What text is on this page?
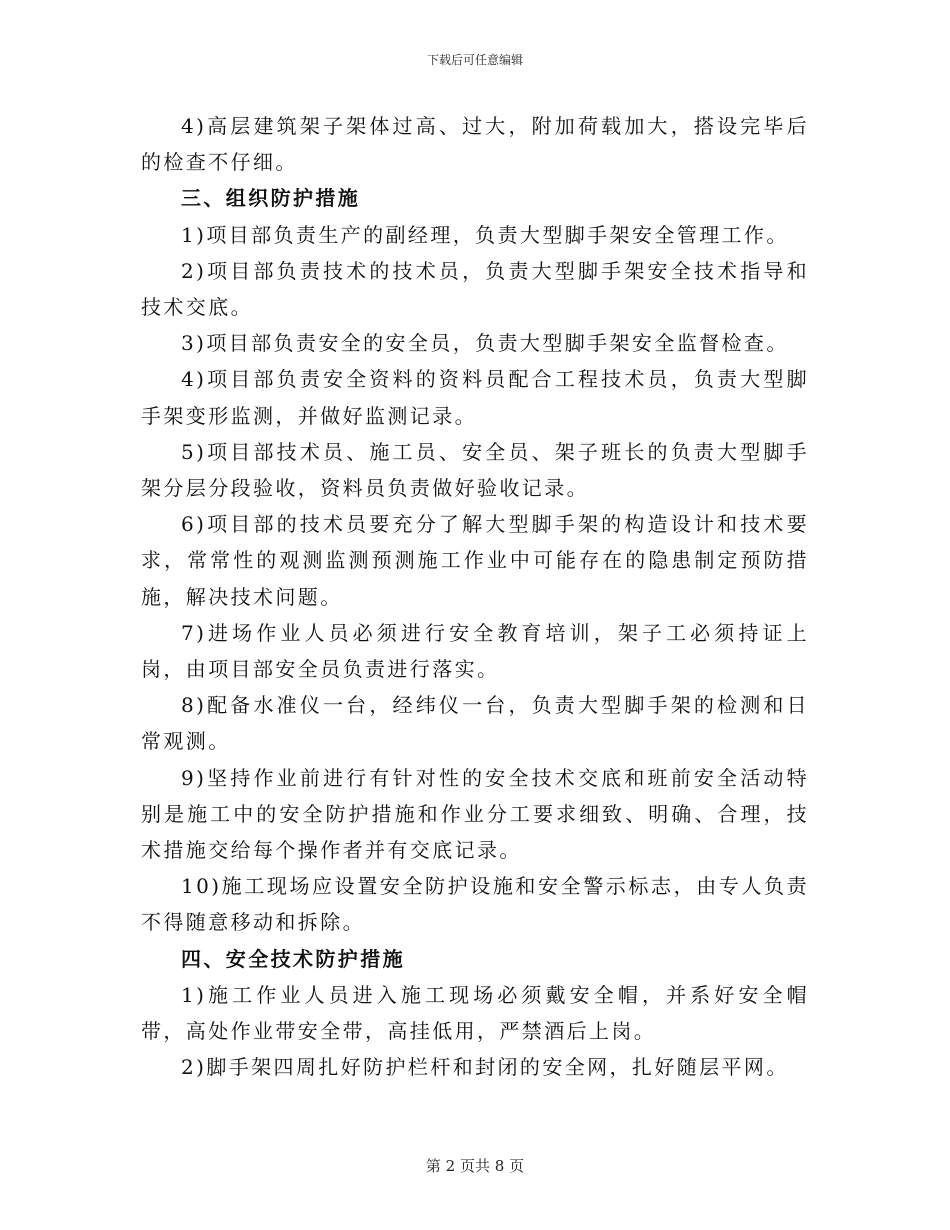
下载后可任意编辑

4)高层建筑架子架体过高、过大，附加荷载加大，搭设完毕后的检查不仔细。

三、组织防护措施

1)项目部负责生产的副经理，负责大型脚手架安全管理工作。

2)项目部负责技术的技术员，负责大型脚手架安全技术指导和技术交底。

3)项目部负责安全的安全员，负责大型脚手架安全监督检查。

4)项目部负责安全资料的资料员配合工程技术员，负责大型脚手架变形监测，并做好监测记录。

5)项目部技术员、施工员、安全员、架子班长的负责大型脚手架分层分段验收，资料员负责做好验收记录。

6)项目部的技术员要充分了解大型脚手架的构造设计和技术要求，常常性的观测监测预测施工作业中可能存在的隐患制定预防措施，解决技术问题。

7)进场作业人员必须进行安全教育培训，架子工必须持证上岗，由项目部安全员负责进行落实。

8)配备水准仪一台，经纬仪一台，负责大型脚手架的检测和日常观测。

9)坚持作业前进行有针对性的安全技术交底和班前安全活动特别是施工中的安全防护措施和作业分工要求细致、明确、合理，技术措施交给每个操作者并有交底记录。

10)施工现场应设置安全防护设施和安全警示标志，由专人负责不得随意移动和拆除。

四、安全技术防护措施

1)施工作业人员进入施工现场必须戴安全帽，并系好安全帽带，高处作业带安全带，高挂低用，严禁酒后上岗。

2)脚手架四周扎好防护栏杆和封闭的安全网，扎好随层平网。

第 2 页共 8 页
